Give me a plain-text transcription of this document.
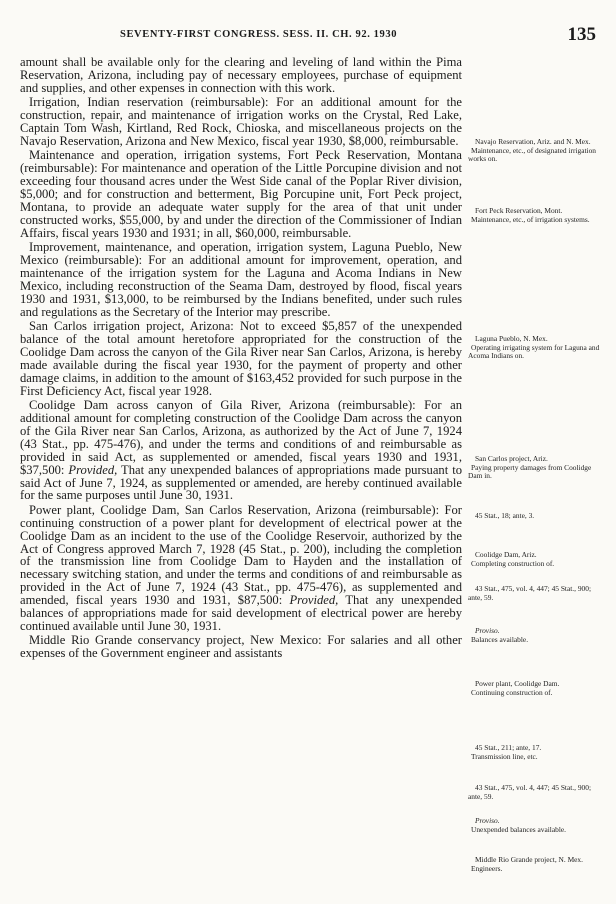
SEVENTY-FIRST CONGRESS. SESS. II. CH. 92. 1930	135

amount shall be available only for the clearing and leveling of land within the Pima Reservation, Arizona, including pay of necessary employees, purchase of equipment and supplies, and other expenses in connection with this work.

Irrigation, Indian reservation (reimbursable): For an additional amount for the construction, repair, and maintenance of irrigation works on the Crystal, Red Lake, Captain Tom Wash, Kirtland, Red Rock, Chioska, and miscellaneous projects on the Navajo Reservation, Arizona and New Mexico, fiscal year 1930, $8,000, reimbursable.

Maintenance and operation, irrigation systems, Fort Peck Reservation, Montana (reimbursable): For maintenance and operation of the Little Porcupine division and not exceeding four thousand acres under the West Side canal of the Poplar River division, $5,000; and for construction and betterment, Big Porcupine unit, Fort Peck project, Montana, to provide an adequate water supply for the area of that unit under constructed works, $55,000, by and under the direction of the Commissioner of Indian Affairs, fiscal years 1930 and 1931; in all, $60,000, reimbursable.

Improvement, maintenance, and operation, irrigation system, Laguna Pueblo, New Mexico (reimbursable): For an additional amount for improvement, operation, and maintenance of the irrigation system for the Laguna and Acoma Indians in New Mexico, including reconstruction of the Seama Dam, destroyed by flood, fiscal years 1930 and 1931, $13,000, to be reimbursed by the Indians benefited, under such rules and regulations as the Secretary of the Interior may prescribe.

San Carlos irrigation project, Arizona: Not to exceed $5,857 of the unexpended balance of the total amount heretofore appropriated for the construction of the Coolidge Dam across the canyon of the Gila River near San Carlos, Arizona, is hereby made available during the fiscal year 1930, for the payment of property and other damage claims, in addition to the amount of $163,452 provided for such purpose in the First Deficiency Act, fiscal year 1928.

Coolidge Dam across canyon of Gila River, Arizona (reimbursable): For an additional amount for completing construction of the Coolidge Dam across the canyon of the Gila River near San Carlos, Arizona, as authorized by the Act of June 7, 1924 (43 Stat., pp. 475-476), and under the terms and conditions of and reimbursable as provided in said Act, as supplemented or amended, fiscal years 1930 and 1931, $37,500: Provided, That any unexpended balances of appropriations made pursuant to said Act of June 7, 1924, as supplemented or amended, are hereby continued available for the same purposes until June 30, 1931.

Power plant, Coolidge Dam, San Carlos Reservation, Arizona (reimbursable): For continuing construction of a power plant for development of electrical power at the Coolidge Dam as an incident to the use of the Coolidge Reservoir, authorized by the Act of Congress approved March 7, 1928 (45 Stat., p. 200), including the completion of the transmission line from Coolidge Dam to Hayden and the installation of necessary switching station, and under the terms and conditions of and reimbursable as provided in the Act of June 7, 1924 (43 Stat., pp. 475-476), as supplemented and amended, fiscal years 1930 and 1931, $87,500: Provided, That any unexpended balances of appropriations made for said development of electrical power are hereby continued available until June 30, 1931.

Middle Rio Grande conservancy project, New Mexico: For salaries and all other expenses of the Government engineer and assistants

Navajo Reservation, Ariz. and N. Mex.
Maintenance, etc., of designated irrigation works on.
Fort Peck Reservation, Mont.
Maintenance, etc., of irrigation systems.
Laguna Pueblo, N. Mex.
Operating irrigating system for Laguna and Acoma Indians on.
San Carlos project, Ariz.
Paying property damages from Coolidge Dam in.
45 Stat., 18; ante, 3.
Coolidge Dam, Ariz.
Completing construction of.
43 Stat., 475, vol. 4, 447; 45 Stat., 900; ante, 59.
Proviso.
Balances available.
Power plant, Coolidge Dam.
Continuing construction of.
45 Stat., 211; ante, 17.
Transmission line, etc.
43 Stat., 475, vol. 4, 447; 45 Stat., 900; ante, 59.
Proviso.
Unexpended balances available.
Middle Rio Grande project, N. Mex.
Engineers.
